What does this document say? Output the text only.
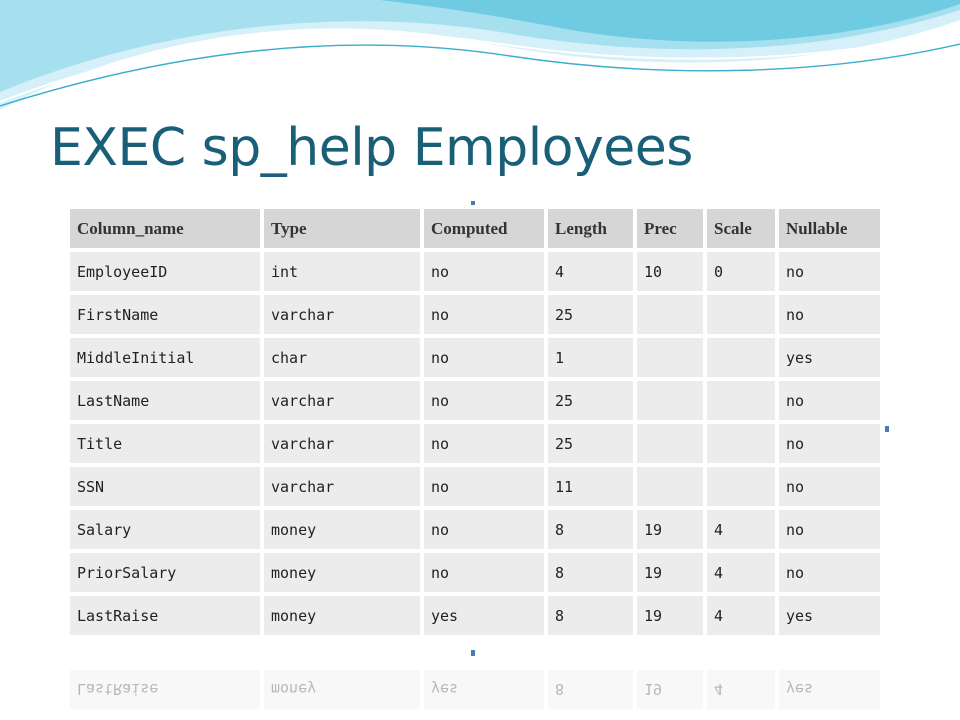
EXEC sp_help Employees
Column_name	Type	Computed	Length	Prec	Scale	Nullable
EmployeeID	int	no	4	10	0	no
FirstName	varchar	no	25			no
MiddleInitial	char	no	1			yes
LastName	varchar	no	25			no
Title	varchar	no	25			no
SSN	varchar	no	11			no
Salary	money	no	8	19	4	no
PriorSalary	money	no	8	19	4	no
LastRaise	money	yes	8	19	4	yes
LastRaise	money	yes	8	19	4	yes
